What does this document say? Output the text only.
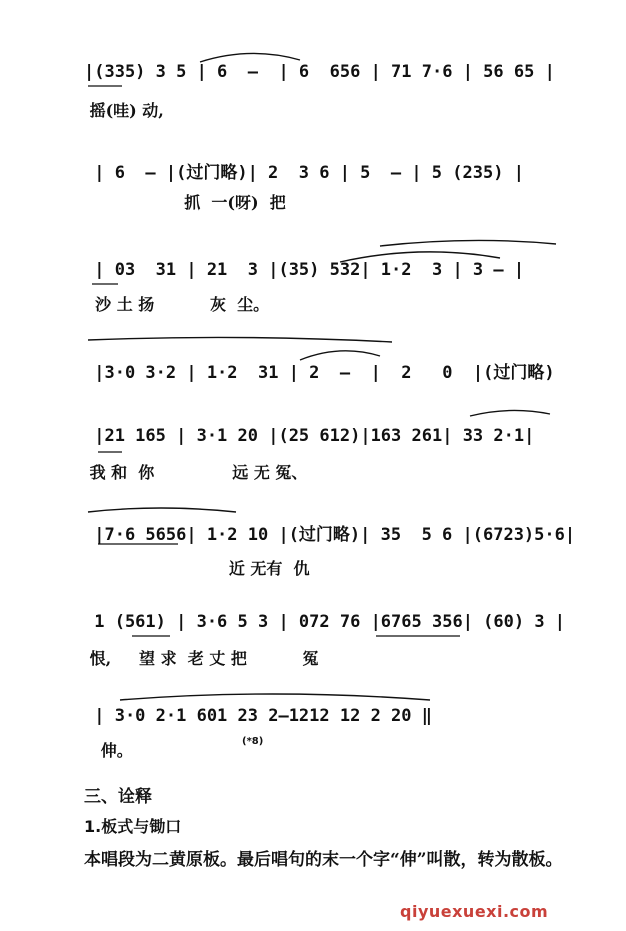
|(335) 3 5 | 6  —  | 6  656 | 71 7·6 | 56 65 |
摇(哇) 动,
| 6  — |(过门略)| 2  3 6 | 5  — | 5 (235) |
抓  一(呀)  把
| 03  31 | 21  3 |(35) 532| 1·2  3 | 3 — |
沙 土 扬          灰  尘。
|3·0 3·2 | 1·2  31 | 2  —  |  2   0  |(过门略)
|21 165 | 3·1 20 |(25 612)|163 261| 33 2·1|
我 和  你              远 无 冤、
|7·6 5656| 1·2 10 |(过门略)| 35  5 6 |(6723)5·6|
近 无有  仇
1 (561) | 3·6 5 3 | 072 76 |6765 356| (60) 3 |
恨,     望 求  老 丈 把          冤
| 3·0 2·1 601 23 2—1212 12 2 20 ‖
伸。	(*8)
三、诠释
1.板式与锄口
本唱段为二黄原板。最后唱句的末一个字“伸”叫散，转为散板。
qiyuexuexi.com
